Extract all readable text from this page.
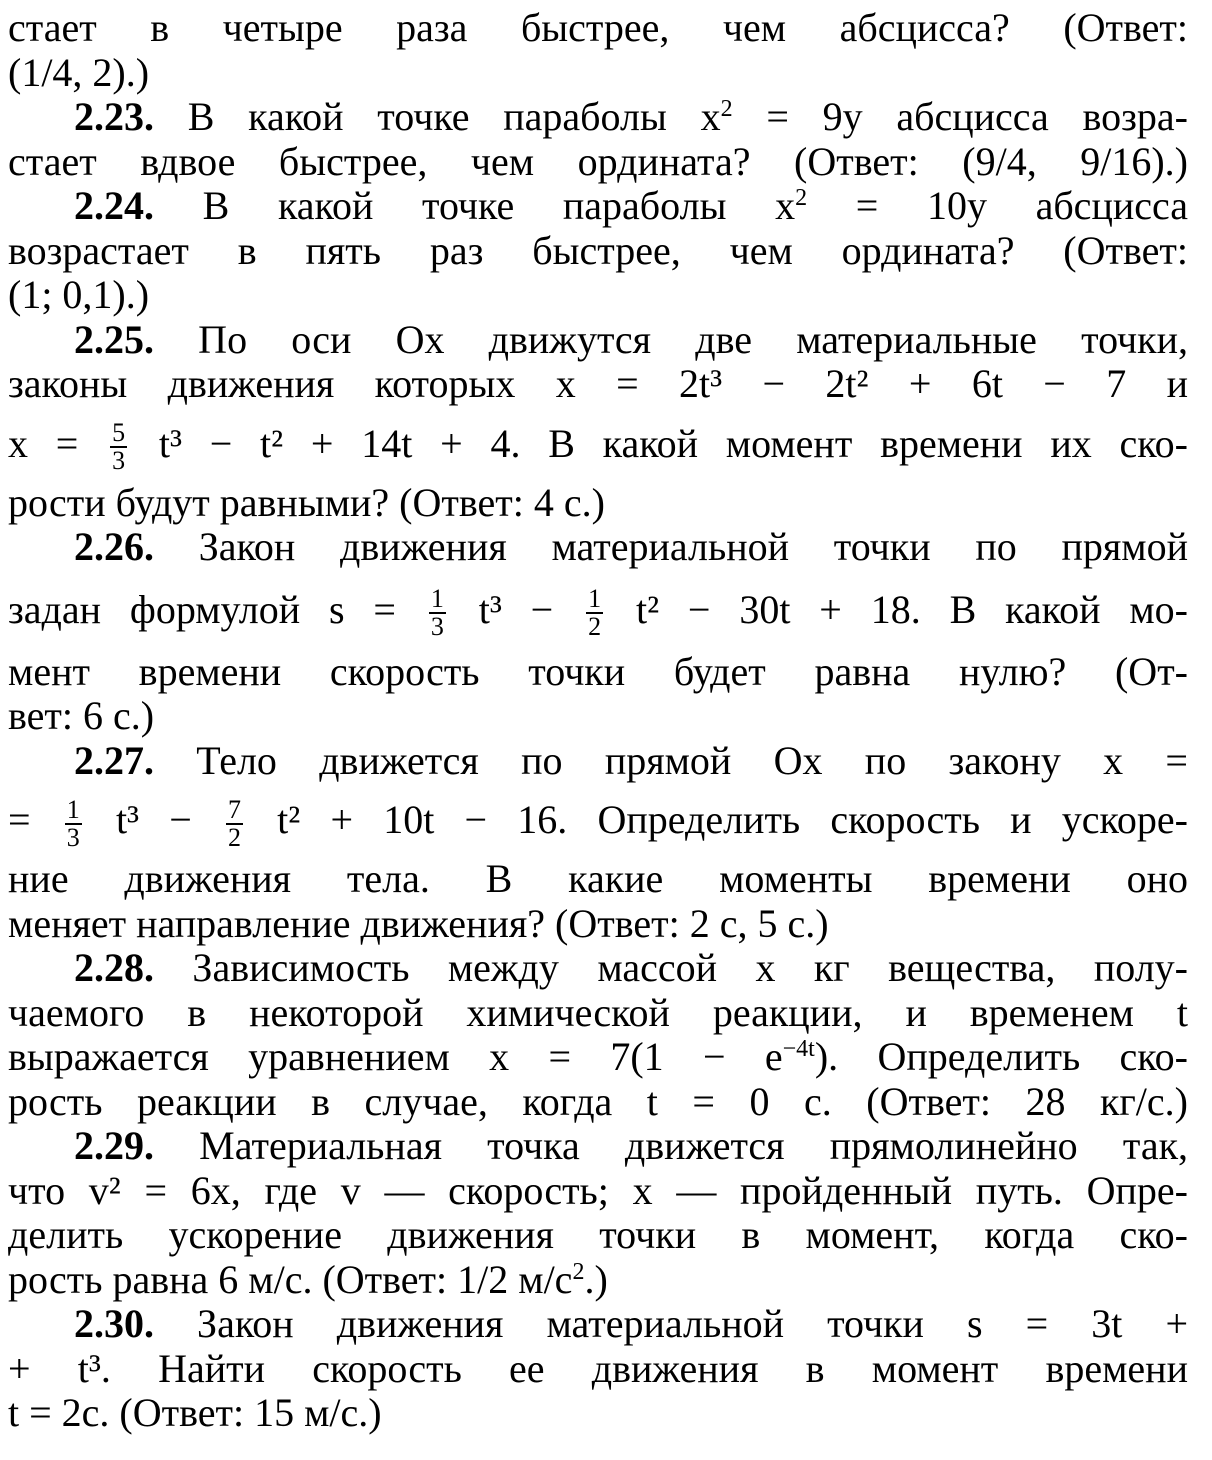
стает в четыре раза быстрее, чем абсцисса? (Ответ:
(1/4, 2).)
2.23. В какой точке параболы $x^2 = 9y$ абсцисса возра-
стает вдвое быстрее, чем ордината? (Ответ: (9/4, 9/16).)
2.24. В какой точке параболы $x^2 = 10y$ абсцисса
возрастает в пять раз быстрее, чем ордината? (Ответ:
(1; 0,1).)
2.25. По оси Ox движутся две материальные точки,
законы движения которых x = 2t³ − 2t² + 6t − 7 и
$x = \frac{5}{3} t^3 - t^2 + 14t + 4$. В какой момент времени их ско-
рости будут равными? (Ответ: 4 с.)
2.26. Закон движения материальной точки по прямой
задан формулой $s = \frac{1}{3} t^3 - \frac{1}{2} t^2 - 30t + 18$. В какой мо-
мент времени скорость точки будет равна нулю? (От-
вет: 6 с.)
2.27. Тело движется по прямой Ox по закону x =
= $\frac{1}{3} t^3 - \frac{7}{2} t^2 + 10t - 16$. Определить скорость и ускоре-
ние движения тела. В какие моменты времени оно
меняет направление движения? (Ответ: 2 с, 5 с.)
2.28. Зависимость между массой x кг вещества, полу-
чаемого в некоторой химической реакции, и временем t
выражается уравнением $x = 7(1 - e^{-4t})$. Определить ско-
рость реакции в случае, когда t = 0 с. (Ответ: 28 кг/с.)
2.29. Материальная точка движется прямолинейно так,
что v² = 6x, где v — скорость; x — пройденный путь. Опре-
делить ускорение движения точки в момент, когда ско-
рость равна 6 м/с. (Ответ: 1/2 $м/с^2$.)
2.30. Закон движения материальной точки s = 3t +
+ t³. Найти скорость ее движения в момент времени
t = 2с. (Ответ: 15 м/с.)
